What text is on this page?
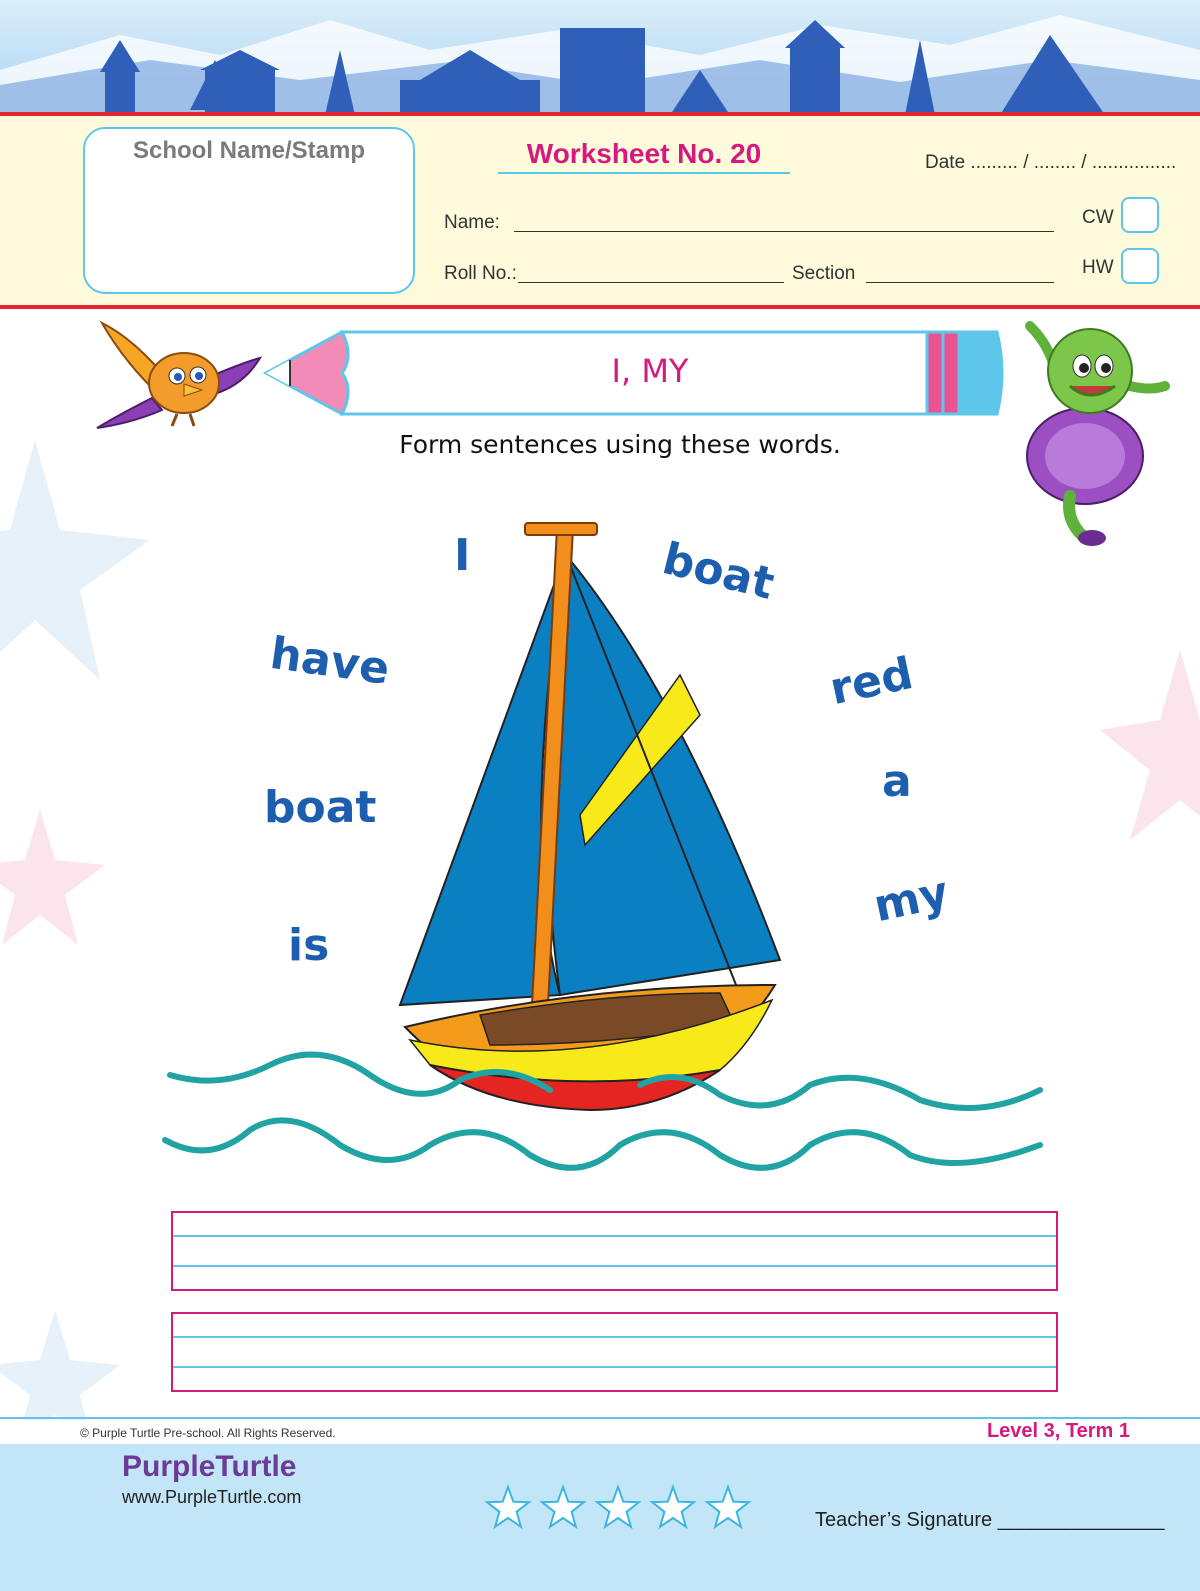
School Name/Stamp	Worksheet No. 20	Date ......... / ........ / ................
Name:
Roll No.:	Section
CW
HW
I, MY
Form sentences using these words.
I	boat
have	red
a
boat
is
my
© Purple Turtle Pre-school. All Rights Reserved.	Level 3, Term 1
PurpleTurtle
www.PurpleTurtle.com
Teacher’s Signature _______________
